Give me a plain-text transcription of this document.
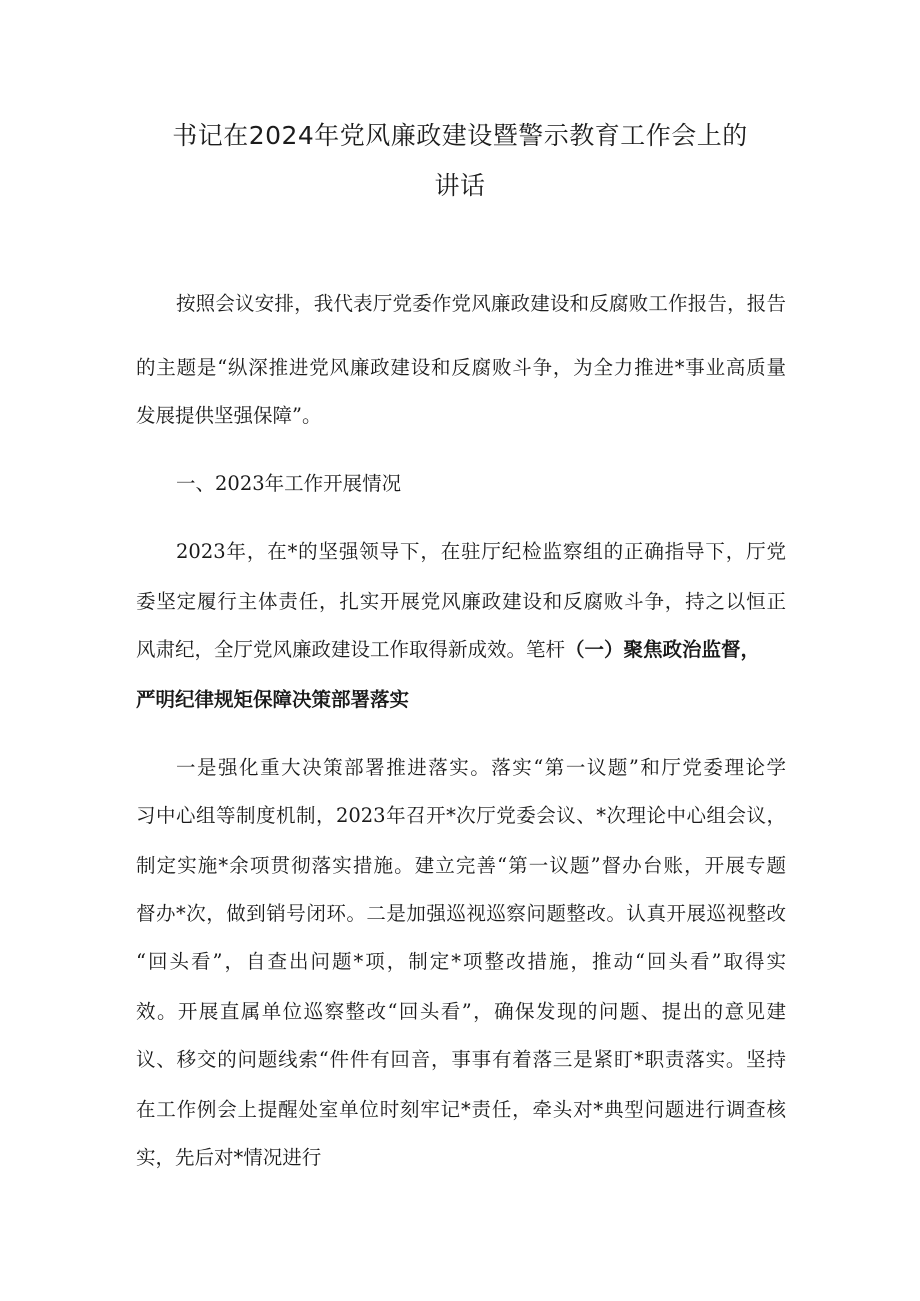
书记在2024年党风廉政建设暨警示教育工作会上的
讲话
按照会议安排，我代表厅党委作党风廉政建设和反腐败工作报告，报告
的主题是“纵深推进党风廉政建设和反腐败斗争，为全力推进*事业高质量
发展提供坚强保障”。
一、2023年工作开展情况
2023年，在*的坚强领导下，在驻厅纪检监察组的正确指导下，厅党
委坚定履行主体责任，扎实开展党风廉政建设和反腐败斗争，持之以恒正
风肃纪，全厅党风廉政建设工作取得新成效。笔杆（一）聚焦政治监督，
严明纪律规矩保障决策部署落实
一是强化重大决策部署推进落实。落实“第一议题”和厅党委理论学
习中心组等制度机制，2023年召开*次厅党委会议、*次理论中心组会议，
制定实施*余项贯彻落实措施。建立完善“第一议题”督办台账，开展专题
督办*次，做到销号闭环。二是加强巡视巡察问题整改。认真开展巡视整改
“回头看”，自查出问题*项，制定*项整改措施，推动“回头看”取得实
效。开展直属单位巡察整改“回头看”，确保发现的问题、提出的意见建
议、移交的问题线索“件件有回音，事事有着落三是紧盯*职责落实。坚持
在工作例会上提醒处室单位时刻牢记*责任，牵头对*典型问题进行调查核
实，先后对*情况进行
